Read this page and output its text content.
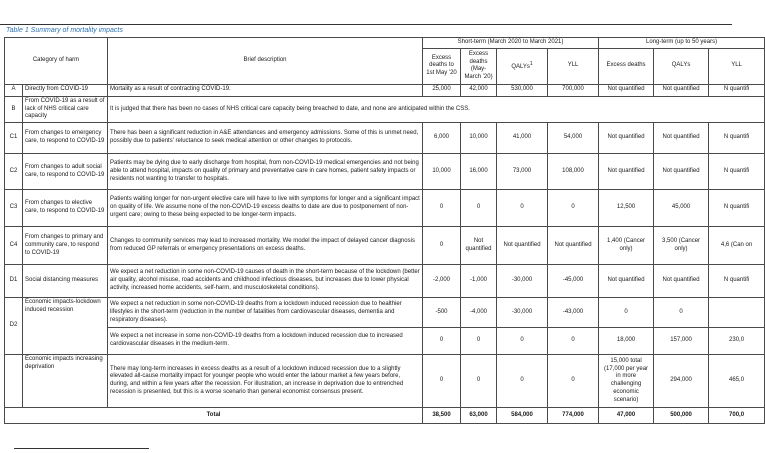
Table 1 Summary of mortality impacts
Category of harm		Brief description	Short-term (March 2020 to March 2021)				Long-term (up to 50 years)		
			Excess deaths to 1st May '20	Excess deaths (May-March '20)	QALYs$^1$	YLL	Excess deaths	QALYs	YLL
A	Directly from COVID-19	Mortality as a result of contracting COVID-19.	25,000	42,000	530,000	700,000	Not quantified	Not quantified	N quantifi
B	From COVID-19 as a result of lack of NHS critical care capacity	It is judged that there has been no cases of NHS critical care capacity being breached to date, and none are anticipated within the CSS.							
C1	From changes to emergency care, to respond to COVID-19	There has been a significant reduction in A&E attendances and emergency admissions. Some of this is unmet need, possibly due to patients' reluctance to seek medical attention or other changes to protocols.	6,000	10,000	41,000	54,000	Not quantified	Not quantified	N quantifi
C2	From changes to adult social care, to respond to COVID-19	Patients may be dying due to early discharge from hospital, from non-COVID-19 medical emergencies and not being able to attend hospital, impacts on quality of primary and preventative care in care homes, patient safety impacts or residents not wanting to transfer to hospitals.	10,000	16,000	73,000	108,000	Not quantified	Not quantified	N quantifi
C3	From changes to elective care, to respond to COVID-19	Patients waiting longer for non-urgent elective care will have to live with symptoms for longer and a significant impact on quality of life. We assume none of the non-COVID-19 excess deaths to date are due to postponement of non-urgent care; owing to these being expected to be longer-term impacts.	0	0	0	0	12,500	45,000	N quantifi
C4	From changes to primary and community care, to respond to COVID-19	Changes to community services may lead to increased mortality. We model the impact of delayed cancer diagnosis from reduced GP referrals or emergency presentations on excess deaths.	0	Not quantified	Not quantified	Not quantified	1,400 (Cancer only)	3,500 (Cancer only)	4,6 (Can on
D1	Social distancing measures	We expect a net reduction in some non-COVID-19 causes of death in the short-term because of the lockdown (better air quality, alcohol misuse, road accidents and childhood infectious diseases, but increases due to lower physical activity, increased home accidents, self-harm, and musculoskeletal conditions).	-2,000	-1,000	-30,000	-45,000	Not quantified	Not quantified	N quantifi
D2	Economic impacts-lockdown induced recession	We expect a net reduction in some non-COVID-19 deaths from a lockdown induced recession due to healthier lifestyles in the short-term (reduction in the number of fatalities from cardiovascular diseases, dementia and respiratory diseases).	-500	-4,000	-30,000	-43,000	0	0	
		We expect a net increase in some non-COVID-19 deaths from a lockdown induced recession due to increased cardiovascular diseases in the medium-term.	0	0	0	0	18,000	157,000	230,0
	Economic impacts increasing deprivation	There may long-term increases in excess deaths as a result of a lockdown induced recession due to a slightly elevated all-cause mortality impact for younger people who would enter the labour market a few years before, during, and within a few years after the recession. For illustration, an increase in deprivation due to entrenched recession is presented, but this is a worse scenario than general economist consensus present.	0	0	0	0	15,000 total (17,000 per year in more challenging economic scenario)	294,000	465,0
Total			38,500	63,000	584,000	774,000	47,000	500,000	700,0
